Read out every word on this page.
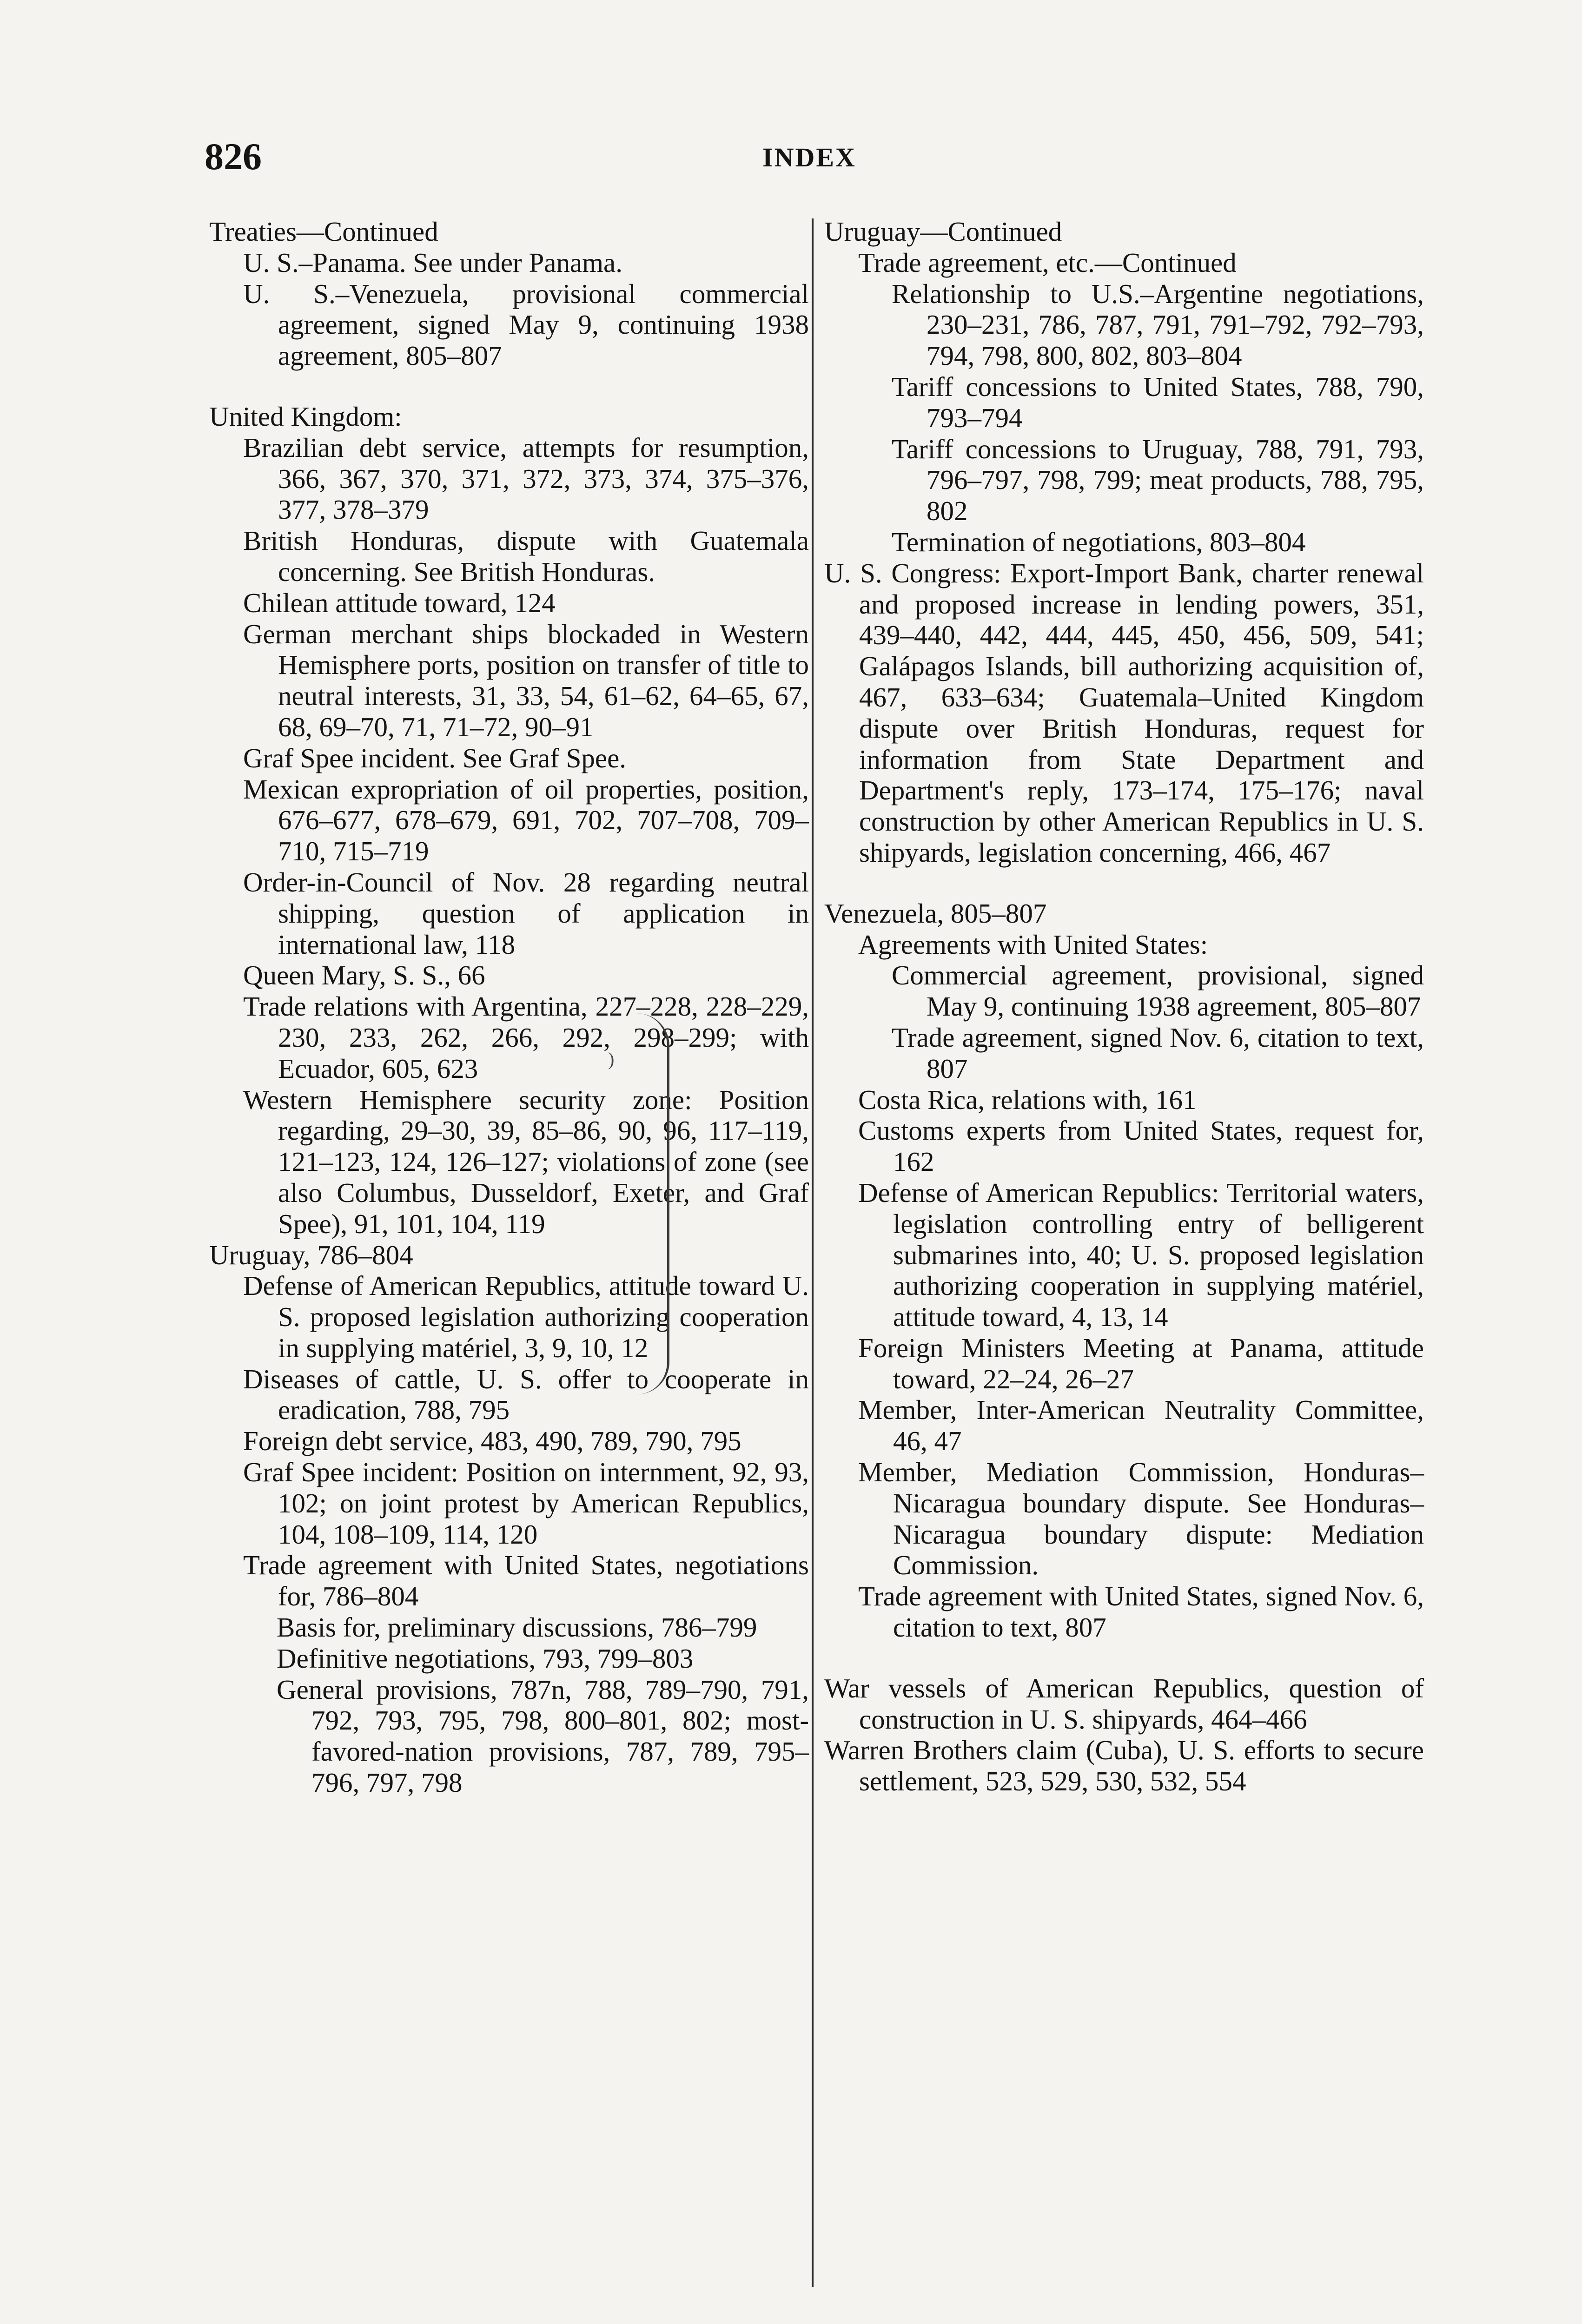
826	INDEX

Treaties—Continued

U. S.–Panama. See under Panama.

U. S.–Venezuela, provisional commercial agreement, signed May 9, continuing 1938 agreement, 805–807

United Kingdom:

Brazilian debt service, attempts for resumption, 366, 367, 370, 371, 372, 373, 374, 375–376, 377, 378–379

British Honduras, dispute with Guatemala concerning. See British Honduras.

Chilean attitude toward, 124

German merchant ships blockaded in Western Hemisphere ports, position on transfer of title to neutral interests, 31, 33, 54, 61–62, 64–65, 67, 68, 69–70, 71, 71–72, 90–91

Graf Spee incident. See Graf Spee.

Mexican expropriation of oil properties, position, 676–677, 678–679, 691, 702, 707–708, 709–710, 715–719

Order-in-Council of Nov. 28 regarding neutral shipping, question of application in international law, 118

Queen Mary, S. S., 66

Trade relations with Argentina, 227–228, 228–229, 230, 233, 262, 266, 292, 298–299; with Ecuador, 605, 623

Western Hemisphere security zone: Position regarding, 29–30, 39, 85–86, 90, 96, 117–119, 121–123, 124, 126–127; violations of zone (see also Columbus, Dusseldorf, Exeter, and Graf Spee), 91, 101, 104, 119

Uruguay, 786–804

Defense of American Republics, attitude toward U. S. proposed legislation authorizing cooperation in supplying matériel, 3, 9, 10, 12

Diseases of cattle, U. S. offer to cooperate in eradication, 788, 795

Foreign debt service, 483, 490, 789, 790, 795

Graf Spee incident: Position on internment, 92, 93, 102; on joint protest by American Republics, 104, 108–109, 114, 120

Trade agreement with United States, negotiations for, 786–804

Basis for, preliminary discussions, 786–799

Definitive negotiations, 793, 799–803

General provisions, 787n, 788, 789–790, 791, 792, 793, 795, 798, 800–801, 802; most-favored-nation provisions, 787, 789, 795–796, 797, 798

Uruguay—Continued

Trade agreement, etc.—Continued

Relationship to U.S.–Argentine negotiations, 230–231, 786, 787, 791, 791–792, 792–793, 794, 798, 800, 802, 803–804

Tariff concessions to United States, 788, 790, 793–794

Tariff concessions to Uruguay, 788, 791, 793, 796–797, 798, 799; meat products, 788, 795, 802

Termination of negotiations, 803–804

U. S. Congress: Export-Import Bank, charter renewal and proposed increase in lending powers, 351, 439–440, 442, 444, 445, 450, 456, 509, 541; Galápagos Islands, bill authorizing acquisition of, 467, 633–634; Guatemala–United Kingdom dispute over British Honduras, request for information from State Department and Department's reply, 173–174, 175–176; naval construction by other American Republics in U. S. shipyards, legislation concerning, 466, 467

Venezuela, 805–807

Agreements with United States:

Commercial agreement, provisional, signed May 9, continuing 1938 agreement, 805–807

Trade agreement, signed Nov. 6, citation to text, 807

Costa Rica, relations with, 161

Customs experts from United States, request for, 162

Defense of American Republics: Territorial waters, legislation controlling entry of belligerent submarines into, 40; U. S. proposed legislation authorizing cooperation in supplying matériel, attitude toward, 4, 13, 14

Foreign Ministers Meeting at Panama, attitude toward, 22–24, 26–27

Member, Inter-American Neutrality Committee, 46, 47

Member, Mediation Commission, Honduras–Nicaragua boundary dispute. See Honduras–Nicaragua boundary dispute: Mediation Commission.

Trade agreement with United States, signed Nov. 6, citation to text, 807

War vessels of American Republics, question of construction in U. S. shipyards, 464–466

Warren Brothers claim (Cuba), U. S. efforts to secure settlement, 523, 529, 530, 532, 554

)
